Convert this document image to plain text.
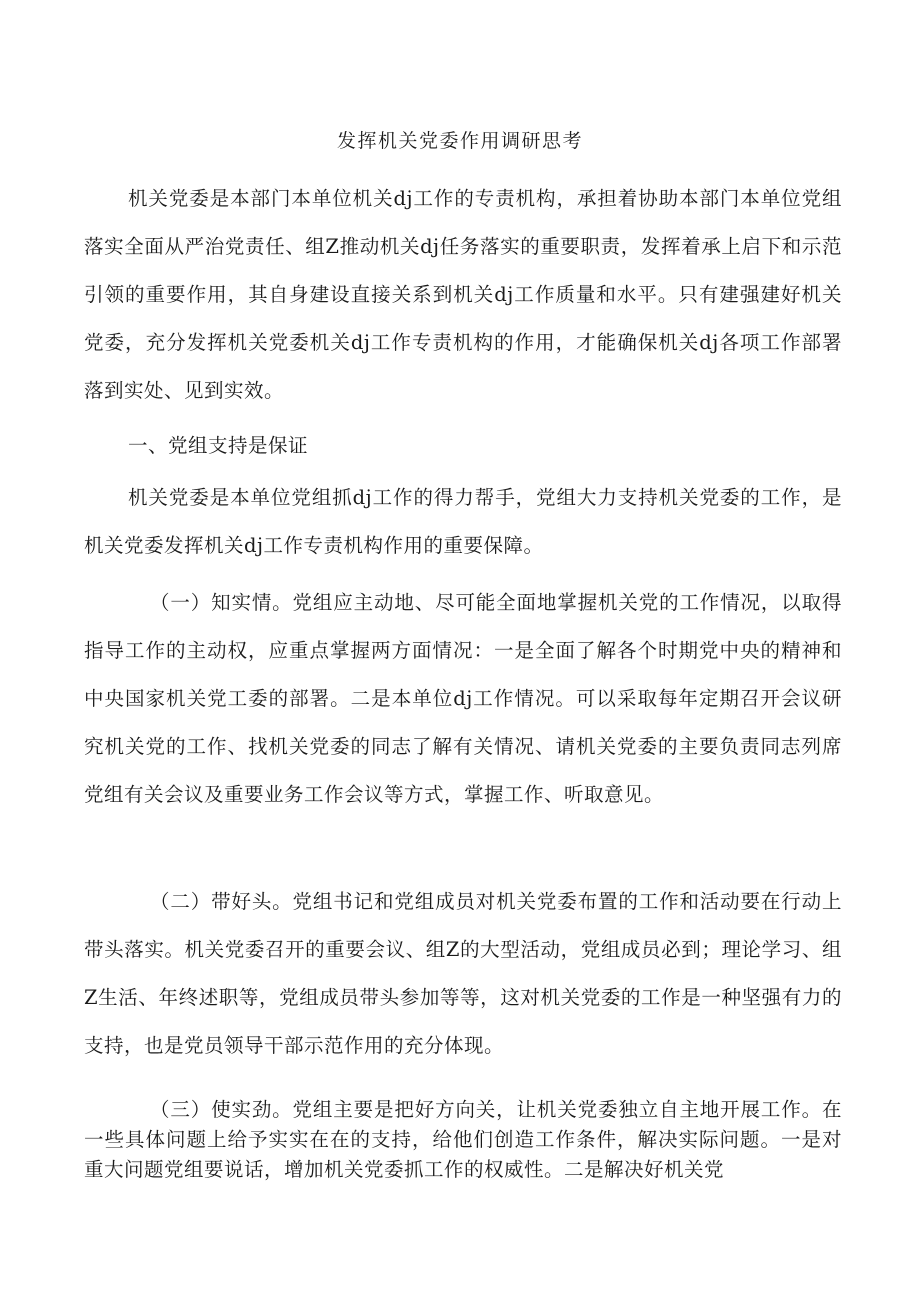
发挥机关党委作用调研思考

机关党委是本部门本单位机关dj工作的专责机构，承担着协助本部门本单位党组落实全面从严治党责任、组Z推动机关dj任务落实的重要职责，发挥着承上启下和示范引领的重要作用，其自身建设直接关系到机关dj工作质量和水平。只有建强建好机关党委，充分发挥机关党委机关dj工作专责机构的作用，才能确保机关dj各项工作部署落到实处、见到实效。

一、党组支持是保证

机关党委是本单位党组抓dj工作的得力帮手，党组大力支持机关党委的工作，是机关党委发挥机关dj工作专责机构作用的重要保障。

（一）知实情。党组应主动地、尽可能全面地掌握机关党的工作情况，以取得指导工作的主动权，应重点掌握两方面情况：一是全面了解各个时期党中央的精神和中央国家机关党工委的部署。二是本单位dj工作情况。可以采取每年定期召开会议研究机关党的工作、找机关党委的同志了解有关情况、请机关党委的主要负责同志列席党组有关会议及重要业务工作会议等方式，掌握工作、听取意见。

（二）带好头。党组书记和党组成员对机关党委布置的工作和活动要在行动上带头落实。机关党委召开的重要会议、组Z的大型活动，党组成员必到；理论学习、组Z生活、年终述职等，党组成员带头参加等等，这对机关党委的工作是一种坚强有力的支持，也是党员领导干部示范作用的充分体现。

（三）使实劲。党组主要是把好方向关，让机关党委独立自主地开展工作。在一些具体问题上给予实实在在的支持，给他们创造工作条件，解决实际问题。一是对重大问题党组要说话，增加机关党委抓工作的权威性。二是解决好机关党
